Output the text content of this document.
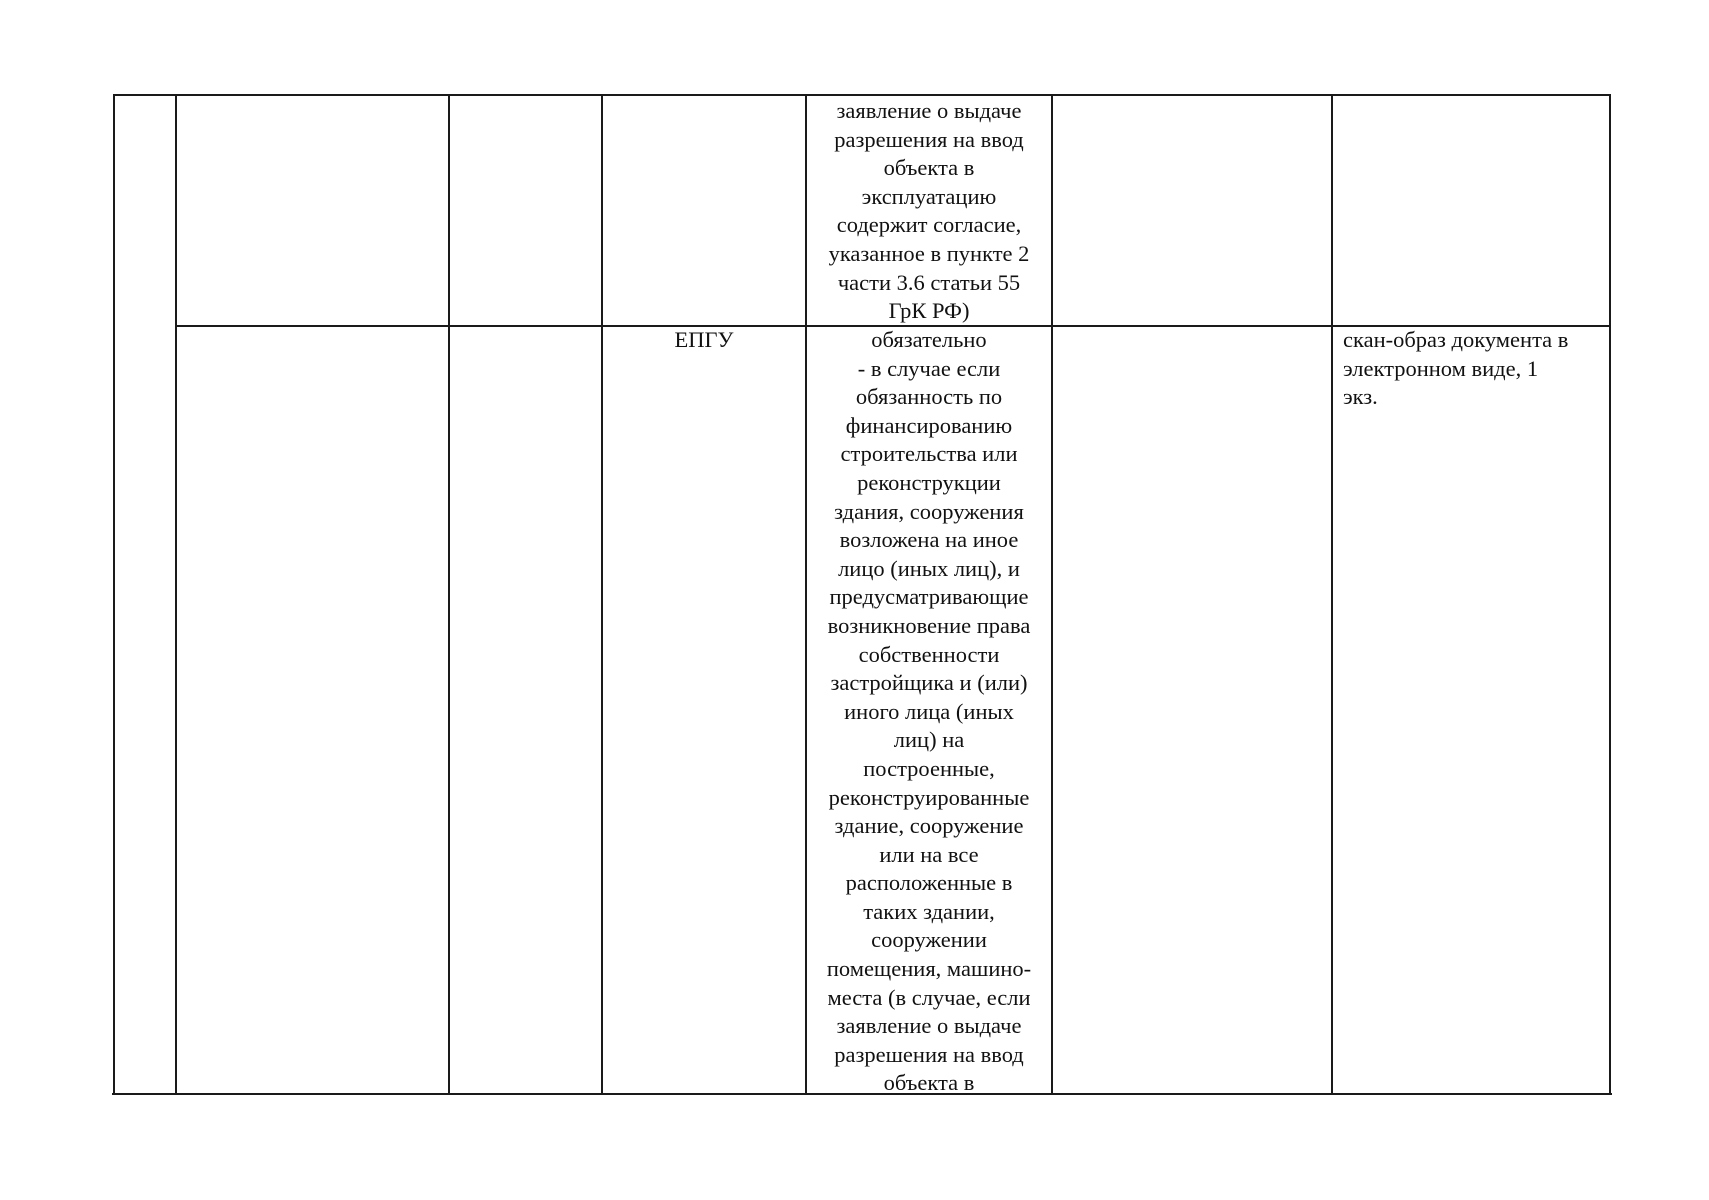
заявление о выдаче
разрешения на ввод
объекта в
эксплуатацию
содержит согласие,
указанное в пункте 2
части 3.6 статьи 55
ГрК РФ)
ЕПГУ	обязательно
- в случае если
обязанность по
финансированию
строительства или
реконструкции
здания, сооружения
возложена на иное
лицо (иных лиц), и
предусматривающие
возникновение права
собственности
застройщика и (или)
иного лица (иных
лиц) на
построенные,
реконструированные
здание, сооружение
или на все
расположенные в
таких здании,
сооружении
помещения, машино-
места (в случае, если
заявление о выдаче
разрешения на ввод
объекта в
скан-образ документа в
электронном виде, 1
экз.
